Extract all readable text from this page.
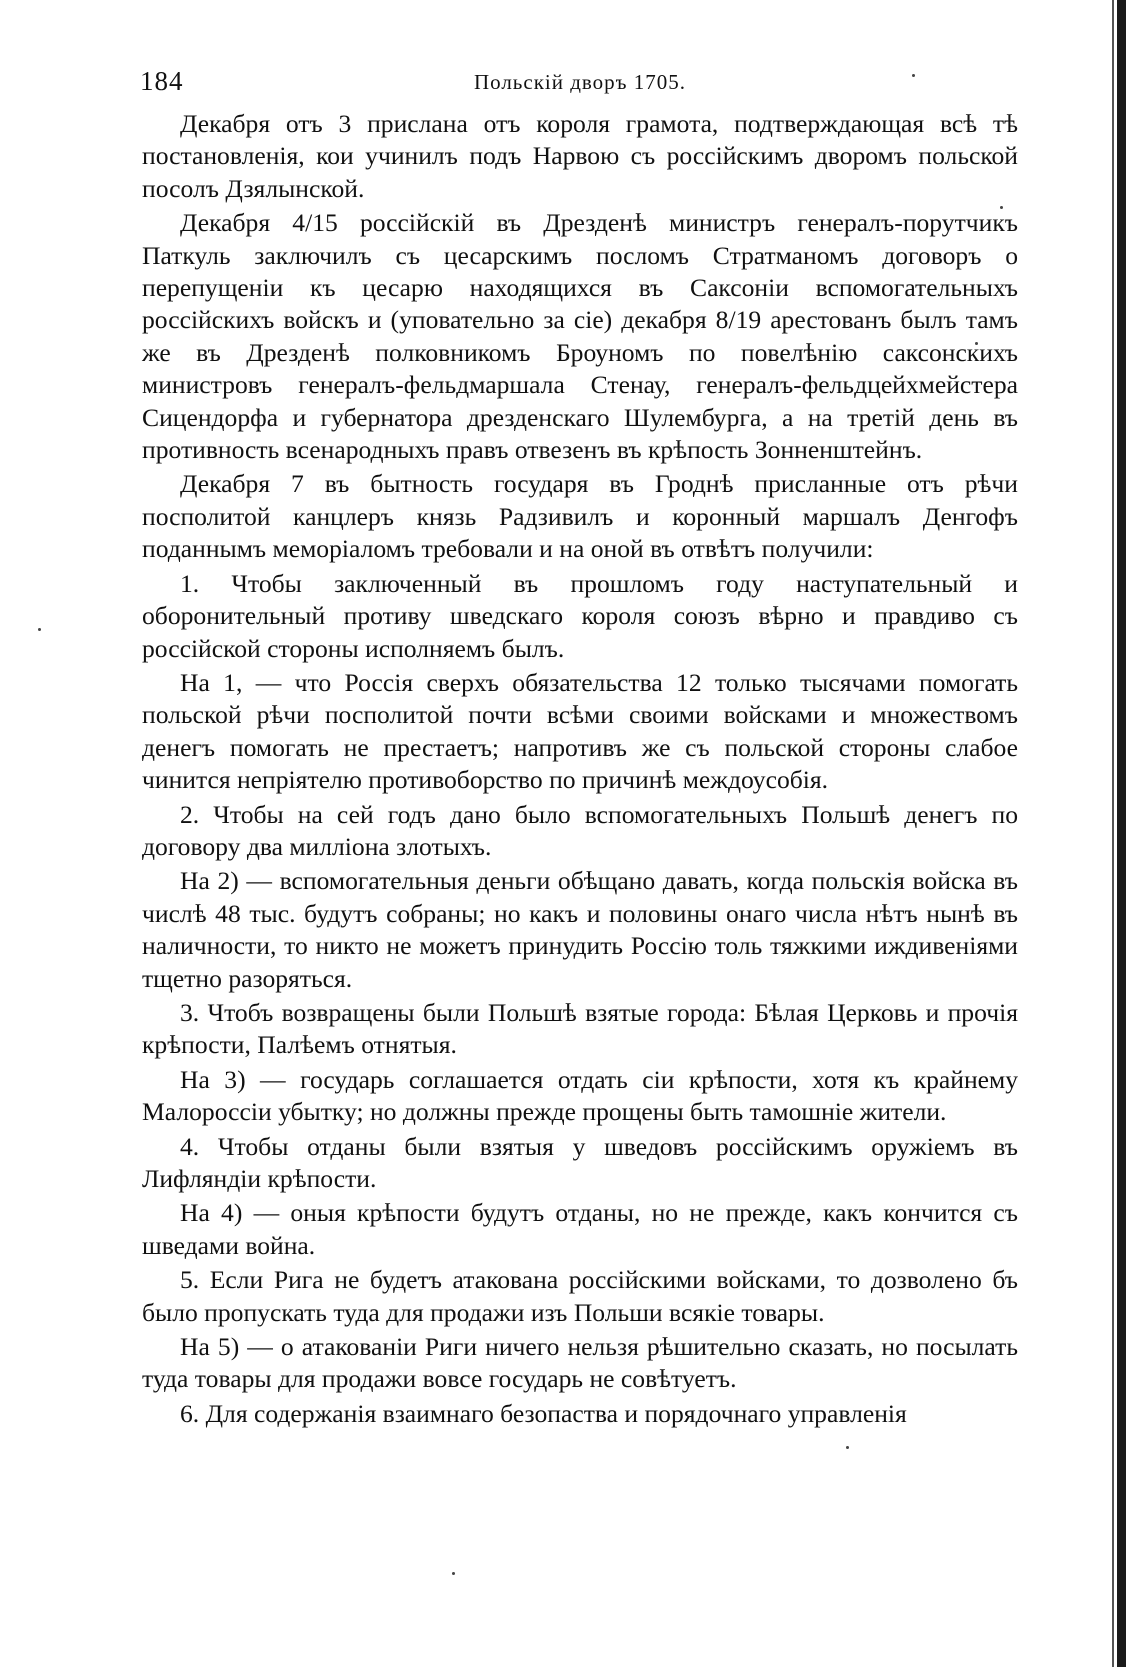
184	Польскій дворъ 1705.

Декабря отъ 3 прислана отъ короля грамота, подтверждающая всѣ тѣ постановленія, кои учинилъ подъ Нарвою съ россійскимъ дворомъ польской посолъ Дзялынской.

Декабря 4/15 россійскій въ Дрезденѣ министръ генералъ-порутчикъ Паткуль заключилъ съ цесарскимъ посломъ Стратманомъ договоръ о перепущеніи къ цесарю находящихся въ Саксоніи вспомогательныхъ россійскихъ войскъ и (уповательно за сіе) декабря 8/19 арестованъ былъ тамъ же въ Дрезденѣ полковникомъ Броуномъ по повелѣнію саксонскихъ министровъ генералъ-фельдмаршала Стенау, генералъ-фельдцейхмейстера Сицендорфа и губернатора дрезденскаго Шулембурга, а на третій день въ противность всенародныхъ правъ отвезенъ въ крѣпость Зонненштейнъ.

Декабря 7 въ бытность государя въ Гроднѣ присланные отъ рѣчи посполитой канцлеръ князь Радзивилъ и коронный маршалъ Денгофъ поданнымъ меморіаломъ требовали и на оной въ отвѣтъ получили:

1. Чтобы заключенный въ прошломъ году наступательный и оборонительный противу шведскаго короля союзъ вѣрно и правдиво съ россійской стороны исполняемъ былъ.

На 1, — что Россія сверхъ обязательства 12 только тысячами помогать польской рѣчи посполитой почти всѣми своими войсками и множествомъ денегъ помогать не престаетъ; напротивъ же съ польской стороны слабое чинится непріятелю противоборство по причинѣ междоусобія.

2. Чтобы на сей годъ дано было вспомогательныхъ Польшѣ денегъ по договору два милліона злотыхъ.

На 2) — вспомогательныя деньги обѣщано давать, когда польскія войска въ числѣ 48 тыс. будутъ собраны; но какъ и половины онаго числа нѣтъ нынѣ въ наличности, то никто не можетъ принудить Россію толь тяжкими иждивеніями тщетно разоряться.

3. Чтобъ возвращены были Польшѣ взятые города: Бѣлая Церковь и прочія крѣпости, Палѣемъ отнятыя.

На 3) — государь соглашается отдать сіи крѣпости, хотя къ крайнему Малороссіи убытку; но должны прежде прощены быть тамошніе жители.

4. Чтобы отданы были взятыя у шведовъ россійскимъ оружіемъ въ Лифляндіи крѣпости.

На 4) — оныя крѣпости будутъ отданы, но не прежде, какъ кончится съ шведами война.

5. Если Рига не будетъ атакована россійскими войсками, то дозволено бъ было пропускать туда для продажи изъ Польши всякіе товары.

На 5) — о атакованіи Риги ничего нельзя рѣшительно сказать, но посылать туда товары для продажи вовсе государь не совѣтуетъ.

6. Для содержанія взаимнаго безопаства и порядочнаго управленія
